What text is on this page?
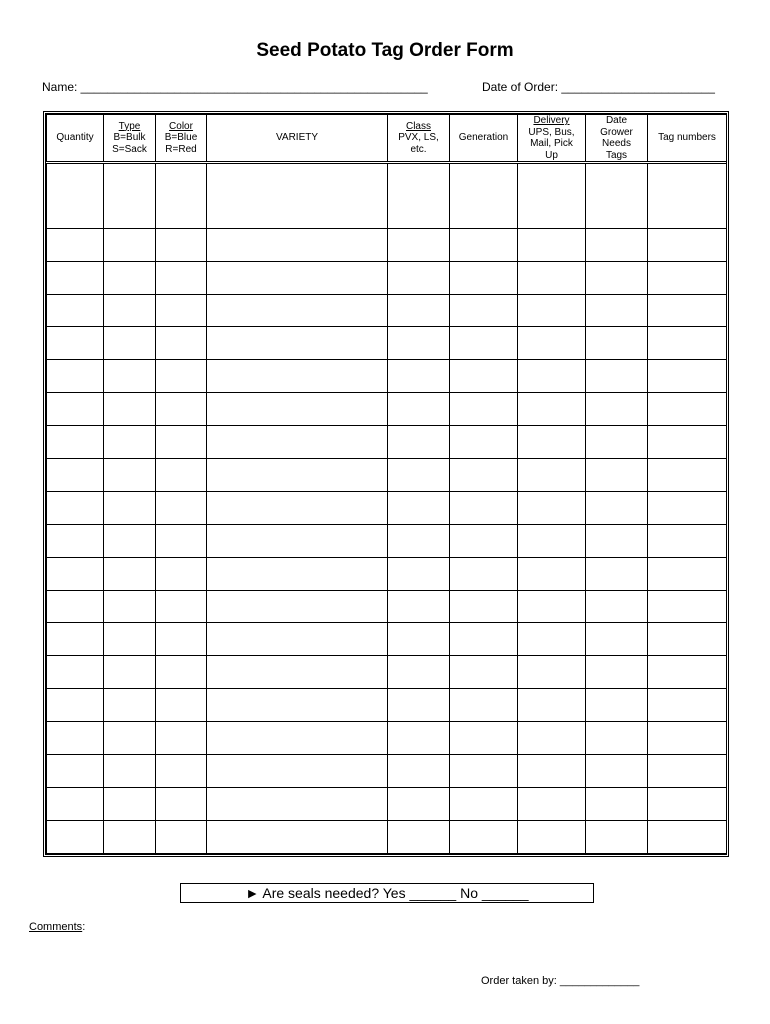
Seed Potato Tag Order Form
Name: ____________________________________________________	Date of Order: _______________________
Quantity	Type
B=Bulk
S=Sack	Color
B=Blue
R=Red	VARIETY	Class
PVX, LS,
etc.	Generation	Delivery
UPS, Bus,
Mail, Pick
Up	Date
Grower
Needs
Tags	Tag numbers

► Are seals needed? Yes ______ No ______
Comments:
Order taken by: _____________
